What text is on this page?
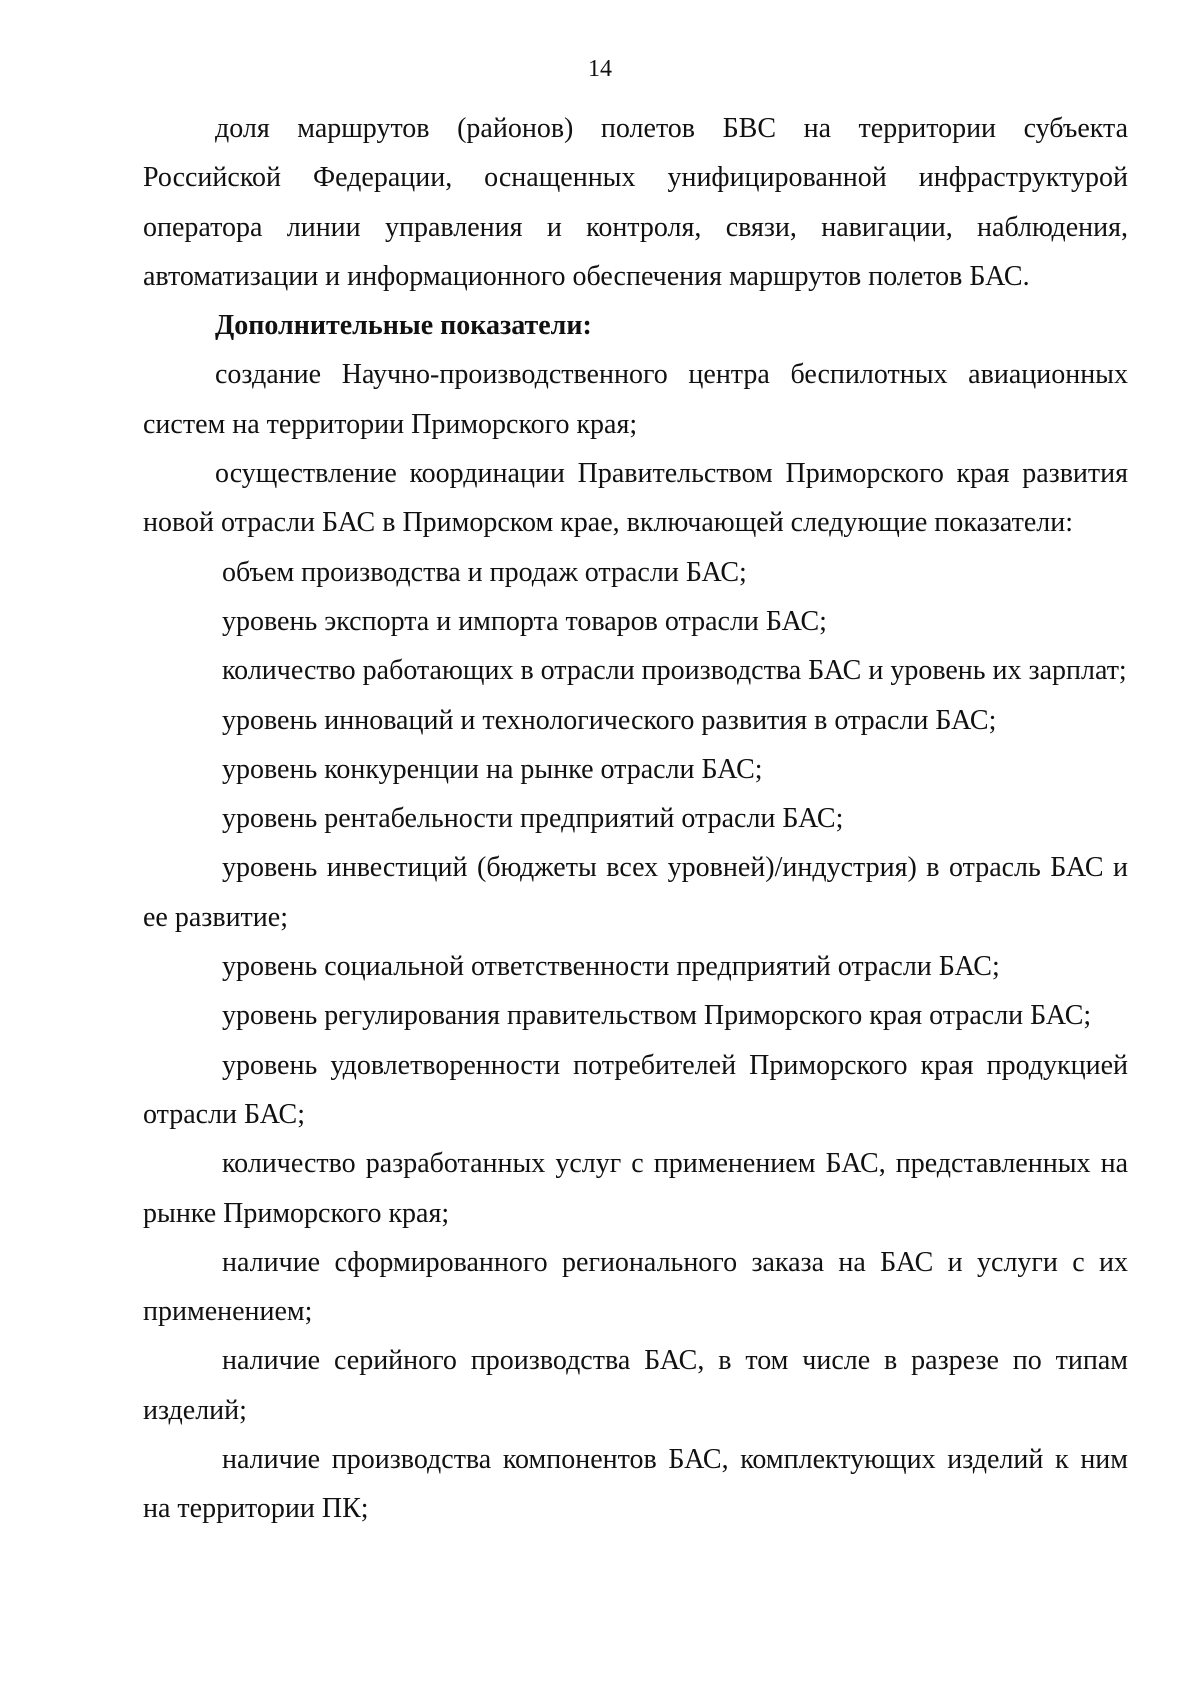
14

доля маршрутов (районов) полетов БВС на территории субъекта Российской Федерации, оснащенных унифицированной инфраструктурой оператора линии управления и контроля, связи, навигации, наблюдения, автоматизации и информационного обеспечения маршрутов полетов БАС.

Дополнительные показатели:

создание Научно-производственного центра беспилотных авиационных систем на территории Приморского края;

осуществление координации Правительством Приморского края развития новой отрасли БАС в Приморском крае, включающей следующие показатели:

объем производства и продаж отрасли БАС;

уровень экспорта и импорта товаров отрасли БАС;

количество работающих в отрасли производства БАС и уровень их зарплат;

уровень инноваций и технологического развития в отрасли БАС;

уровень конкуренции на рынке отрасли БАС;

уровень рентабельности предприятий отрасли БАС;

уровень инвестиций (бюджеты всех уровней)/индустрия) в отрасль БАС и ее развитие;

уровень социальной ответственности предприятий отрасли БАС;

уровень регулирования правительством Приморского края отрасли БАС;

уровень удовлетворенности потребителей Приморского края продукцией отрасли БАС;

количество разработанных услуг с применением БАС, представленных на рынке Приморского края;

наличие сформированного регионального заказа на БАС и услуги с их применением;

наличие серийного производства БАС, в том числе в разрезе по типам изделий;

наличие производства компонентов БАС, комплектующих изделий к ним на территории ПК;
